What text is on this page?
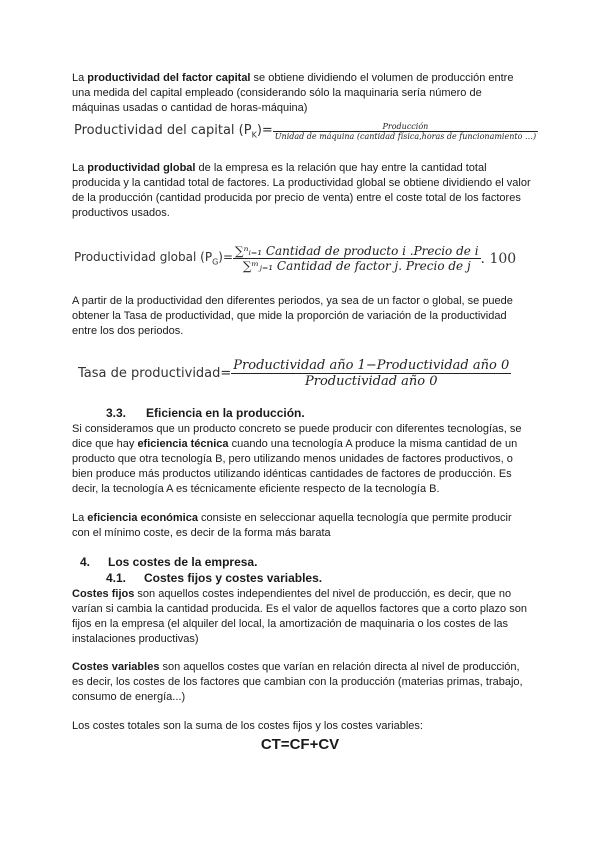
La productividad del factor capital se obtiene dividiendo el volumen de producción entre una medida del capital empleado (considerando sólo la maquinaria sería número de máquinas usadas o cantidad de horas-máquina)

Productividad del capital $(P_K)=$	Producción
Unidad de máquina (cantidad física,horas de funcionamiento …)

La productividad global de la empresa es la relación que hay entre la cantidad total producida y la cantidad total de factores. La productividad global se obtiene dividiendo el valor de la producción (cantidad producida por precio de venta) entre el coste total de los factores productivos usados.

Productividad global $(P_G)= \frac{\text{∑ⁿᵢ₌₁ Cantidad de producto i .Precio de i}}{\text{∑ᵐⱼ₌₁ Cantidad de factor j. Precio de j}}$ . 100

A partir de la productividad den diferentes periodos, ya sea de un factor o global, se puede obtener la Tasa de productividad, que mide la proporción de variación de la productividad entre los dos periodos.

Tasa de productividad= $\frac{\text{Productividad año 1−Productividad año 0}}{\text{Productividad año 0}}$
3.3. Eficiencia en la producción.

Si consideramos que un producto concreto se puede producir con diferentes tecnologías, se dice que hay eficiencia técnica cuando una tecnología A produce la misma cantidad de un producto que otra tecnología B, pero utilizando menos unidades de factores productivos, o bien produce más productos utilizando idénticas cantidades de factores de producción. Es decir, la tecnología A es técnicamente eficiente respecto de la tecnología B.

La eficiencia económica consiste en seleccionar aquella tecnología que permite producir con el mínimo coste, es decir de la forma más barata

4. Los costes de la empresa.
4.1. Costes fijos y costes variables.

Costes fijos son aquellos costes independientes del nivel de producción, es decir, que no varían si cambia la cantidad producida. Es el valor de aquellos factores que a corto plazo son fijos en la empresa (el alquiler del local, la amortización de maquinaria o los costes de las instalaciones productivas)

Costes variables son aquellos costes que varían en relación directa al nivel de producción, es decir, los costes de los factores que cambian con la producción (materias primas, trabajo, consumo de energía...)

Los costes totales son la suma de los costes fijos y los costes variables:

CT=CF+CV
